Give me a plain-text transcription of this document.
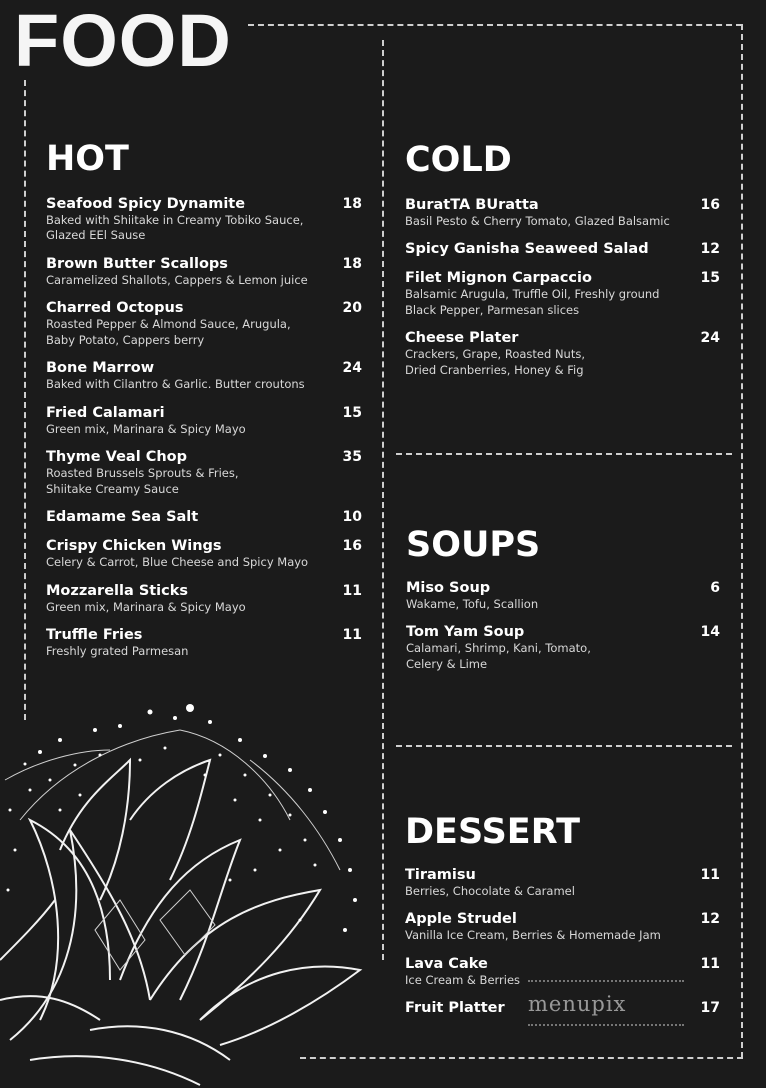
FOOD
HOT
Seafood Spicy Dynamite	18
Baked with Shiitake in Creamy Tobiko Sauce,
Glazed EEl Sause
Brown Butter Scallops	18
Caramelized Shallots, Cappers & Lemon juice
Charred Octopus	20
Roasted Pepper & Almond Sauce, Arugula,
Baby Potato, Cappers berry
Bone Marrow	24
Baked with Cilantro & Garlic. Butter croutons
Fried Calamari	15
Green mix, Marinara & Spicy Mayo
Thyme Veal Chop	35
Roasted Brussels Sprouts & Fries,
Shiitake Creamy Sauce
Edamame Sea Salt	10
Crispy Chicken Wings	16
Celery & Carrot, Blue Cheese and Spicy Mayo
Mozzarella Sticks	11
Green mix, Marinara & Spicy Mayo
Truffle Fries	11
Freshly grated Parmesan
COLD
BuratTA BUratta	16
Basil Pesto & Cherry Tomato, Glazed Balsamic
Spicy Ganisha Seaweed Salad	12
Filet Mignon Carpaccio	15
Balsamic Arugula, Truffle Oil, Freshly ground
Black Pepper, Parmesan slices
Cheese Plater	24
Crackers, Grape, Roasted Nuts,
Dried Cranberries, Honey & Fig
SOUPS
Miso Soup	6
Wakame, Tofu, Scallion
Tom Yam Soup	14
Calamari, Shrimp, Kani, Tomato,
Celery & Lime
DESSERT
Tiramisu	11
Berries, Chocolate & Caramel
Apple Strudel	12
Vanilla Ice Cream, Berries & Homemade Jam
Lava Cake	11
Ice Cream & Berries
Fruit Platter	17
menupix
